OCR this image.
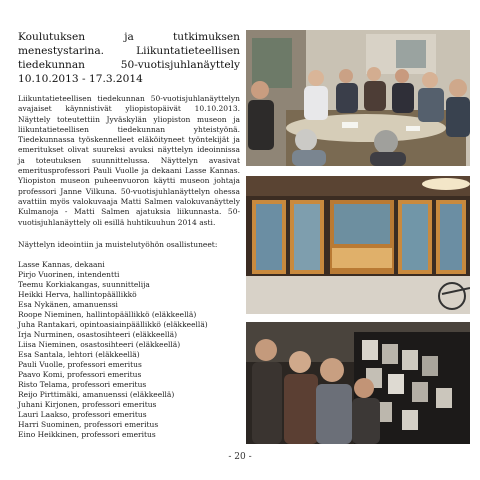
Koulutuksen ja tutkimuksen menestystarina. Liikuntatieteellisen tiedekunnan 50-vuotisjuhlanäyttely 10.10.2013 - 17.3.2014

Liikuntatieteellisen tiedekunnan 50-vuotisjuhlanäyttelyn avajaiset käynnistivät yliopistopäivät 10.10.2013. Näyttely toteutettiin Jyväskylän yliopiston museon ja liikuntatieteellisen tiedekunnan yhteistyönä. Tiedekunnassa työskennelleet eläköityneet työntekijät ja emeritukset olivat suureksi avuksi näyttelyn ideoinnissa ja toteutuksen suunnittelussa. Näyttelyn avasivat emeritusprofessori Pauli Vuolle ja dekaani Lasse Kannas. Yliopiston museon puheenvuoron käytti museon johtaja professori Janne Vilkuna. 50-vuotisjuhlanäyttelyn ohessa avattiin myös valokuvaaja Matti Salmen valokuvanäyttely Kulmanoja - Matti Salmen ajatuksia liikunnasta. 50-vuotisjuhlanäyttely oli esillä huhtikuuhun 2014 asti.

Näyttelyn ideointiin ja muistelutyöhön osallistuneet:

Lasse Kannas, dekaani
Pirjo Vuorinen, intendentti
Teemu Korkiakangas, suunnittelija
Heikki Herva, hallintopäällikkö
Esa Nykänen, amanuenssi
Roope Nieminen, hallintopäällikkö (eläkkeellä)
Juha Rantakari, opintoasiainpäällikkö (eläkkeellä)
Irja Nurminen, osastosihteeri (eläkkeellä)
Liisa Nieminen, osastosihteeri (eläkkeellä)
Esa Santala, lehtori (eläkkeellä)
Pauli Vuolle, professori emeritus
Paavo Komi, professori emeritus
Risto Telama, professori emeritus
Reijo Pirttimäki, amanuenssi (eläkkeellä)
Juhani Kirjonen, professori emeritus
Lauri Laakso, professori emeritus
Harri Suominen, professori emeritus
Eino Heikkinen, professori emeritus
- 20 -
